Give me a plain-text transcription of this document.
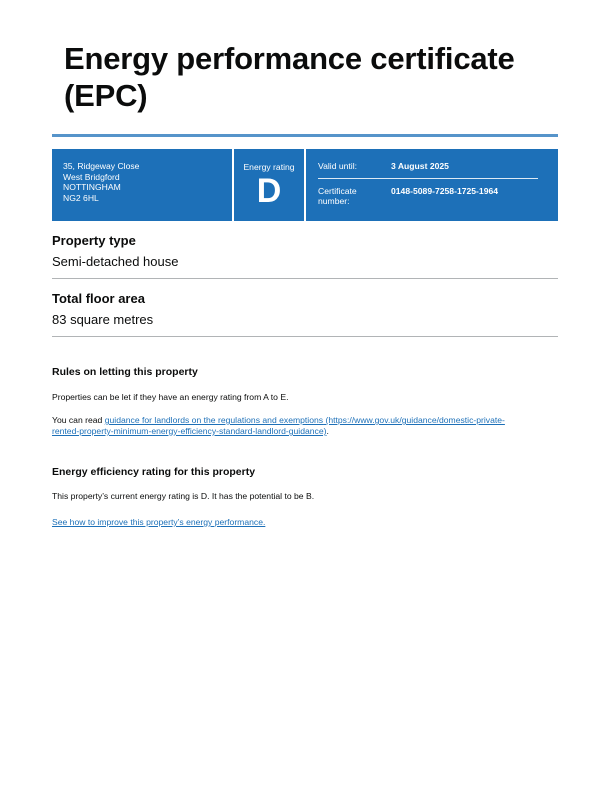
Energy performance certificate (EPC)
35, Ridgeway Close
West Bridgford
NOTTINGHAM
NG2 6HL
Energy rating
D
Valid until:	3 August 2025
Certificate
number:
0148-5089-7258-1725-1964
Property type
Semi-detached house
Total floor area
83 square metres
Rules on letting this property
Properties can be let if they have an energy rating from A to E.
You can read guidance for landlords on the regulations and exemptions (https://www.gov.uk/guidance/domestic-private-
rented-property-minimum-energy-efficiency-standard-landlord-guidance).
Energy efficiency rating for this property
This property’s current energy rating is D. It has the potential to be B.
See how to improve this property’s energy performance.
